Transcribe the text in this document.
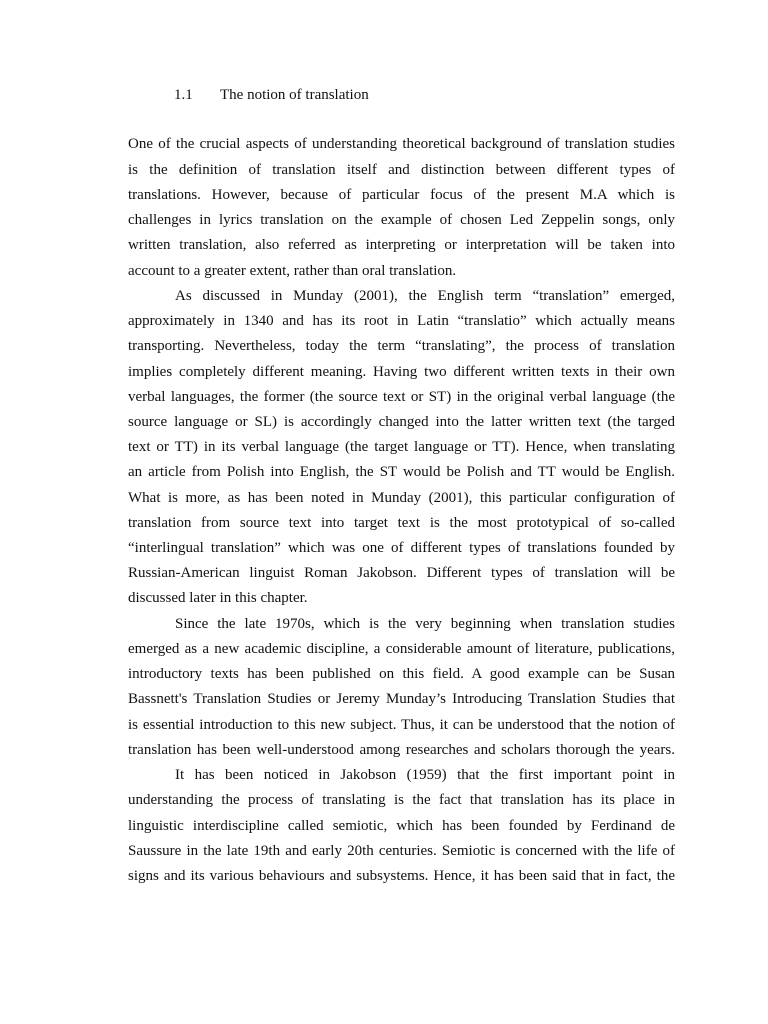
1.1 The notion of translation
One of the crucial aspects of understanding theoretical background of translation studies
is the definition of translation itself and distinction between different types of
translations. However, because of particular focus of the present M.A which is
challenges in lyrics translation on the example of chosen Led Zeppelin songs, only
written translation, also referred as interpreting or interpretation will be taken into
account to a greater extent, rather than oral translation.
As discussed in Munday (2001), the English term “translation” emerged,
approximately in 1340 and has its root in Latin “translatio” which actually means
transporting. Nevertheless, today the term “translating”, the process of translation
implies completely different meaning. Having two different written texts in their own
verbal languages, the former (the source text or ST) in the original verbal language (the
source language or SL) is accordingly changed into the latter written text (the targed
text or TT) in its verbal language (the target language or TT). Hence, when translating
an article from Polish into English, the ST would be Polish and TT would be English.
What is more, as has been noted in Munday (2001), this particular configuration of
translation from source text into target text is the most prototypical of so-called
“interlingual translation” which was one of different types of translations founded by
Russian-American linguist Roman Jakobson. Different types of translation will be
discussed later in this chapter.
Since the late 1970s, which is the very beginning when translation studies
emerged as a new academic discipline, a considerable amount of literature, publications,
introductory texts has been published on this field. A good example can be Susan
Bassnett's Translation Studies or Jeremy Munday’s Introducing Translation Studies that
is essential introduction to this new subject. Thus, it can be understood that the notion of
translation has been well-understood among researches and scholars thorough the years.
It has been noticed in Jakobson (1959) that the first important point in
understanding the process of translating is the fact that translation has its place in
linguistic interdiscipline called semiotic, which has been founded by Ferdinand de
Saussure in the late 19th and early 20th centuries. Semiotic is concerned with the life of
signs and its various behaviours and subsystems. Hence, it has been said that in fact, the
